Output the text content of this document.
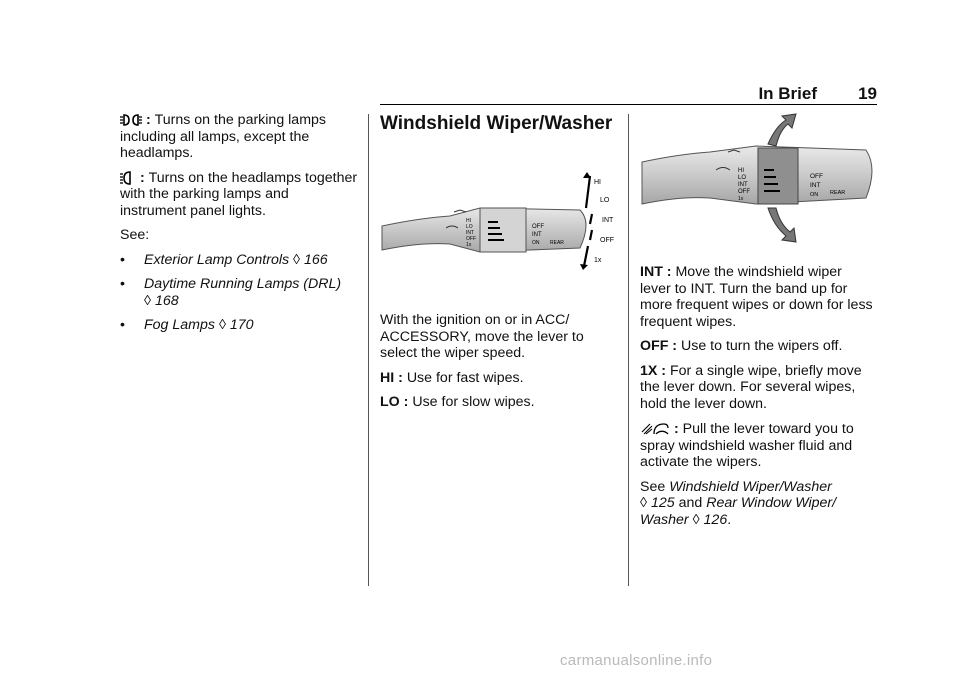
In Brief 19

: Turns on the parking lamps including all lamps, except the headlamps.

: Turns on the headlamps together with the parking lamps and instrument panel lights.

See:

•	Exterior Lamp Controls ◊ 166
•	Daytime Running Lamps (DRL)
◊ 168
•	Fog Lamps ◊ 170
Windshield Wiper/Washer
HI
LO
INT
OFF
1x
OFF
INT
ON REAR
HI
LO
INT
OFF
1x

With the ignition on or in ACC/ ACCESSORY, move the lever to select the wiper speed.

HI : Use for fast wipes.

LO : Use for slow wipes.

HI
LO
INT
OFF
1x
OFF
INT
ON REAR

INT : Move the windshield wiper lever to INT. Turn the band up for more frequent wipes or down for less frequent wipes.

OFF : Use to turn the wipers off.

1X : For a single wipe, briefly move the lever down. For several wipes, hold the lever down.

: Pull the lever toward you to spray windshield washer fluid and activate the wipers.

See Windshield Wiper/Washer
◊ 125 and Rear Window Wiper/ Washer ◊ 126.

carmanualsonline.info
